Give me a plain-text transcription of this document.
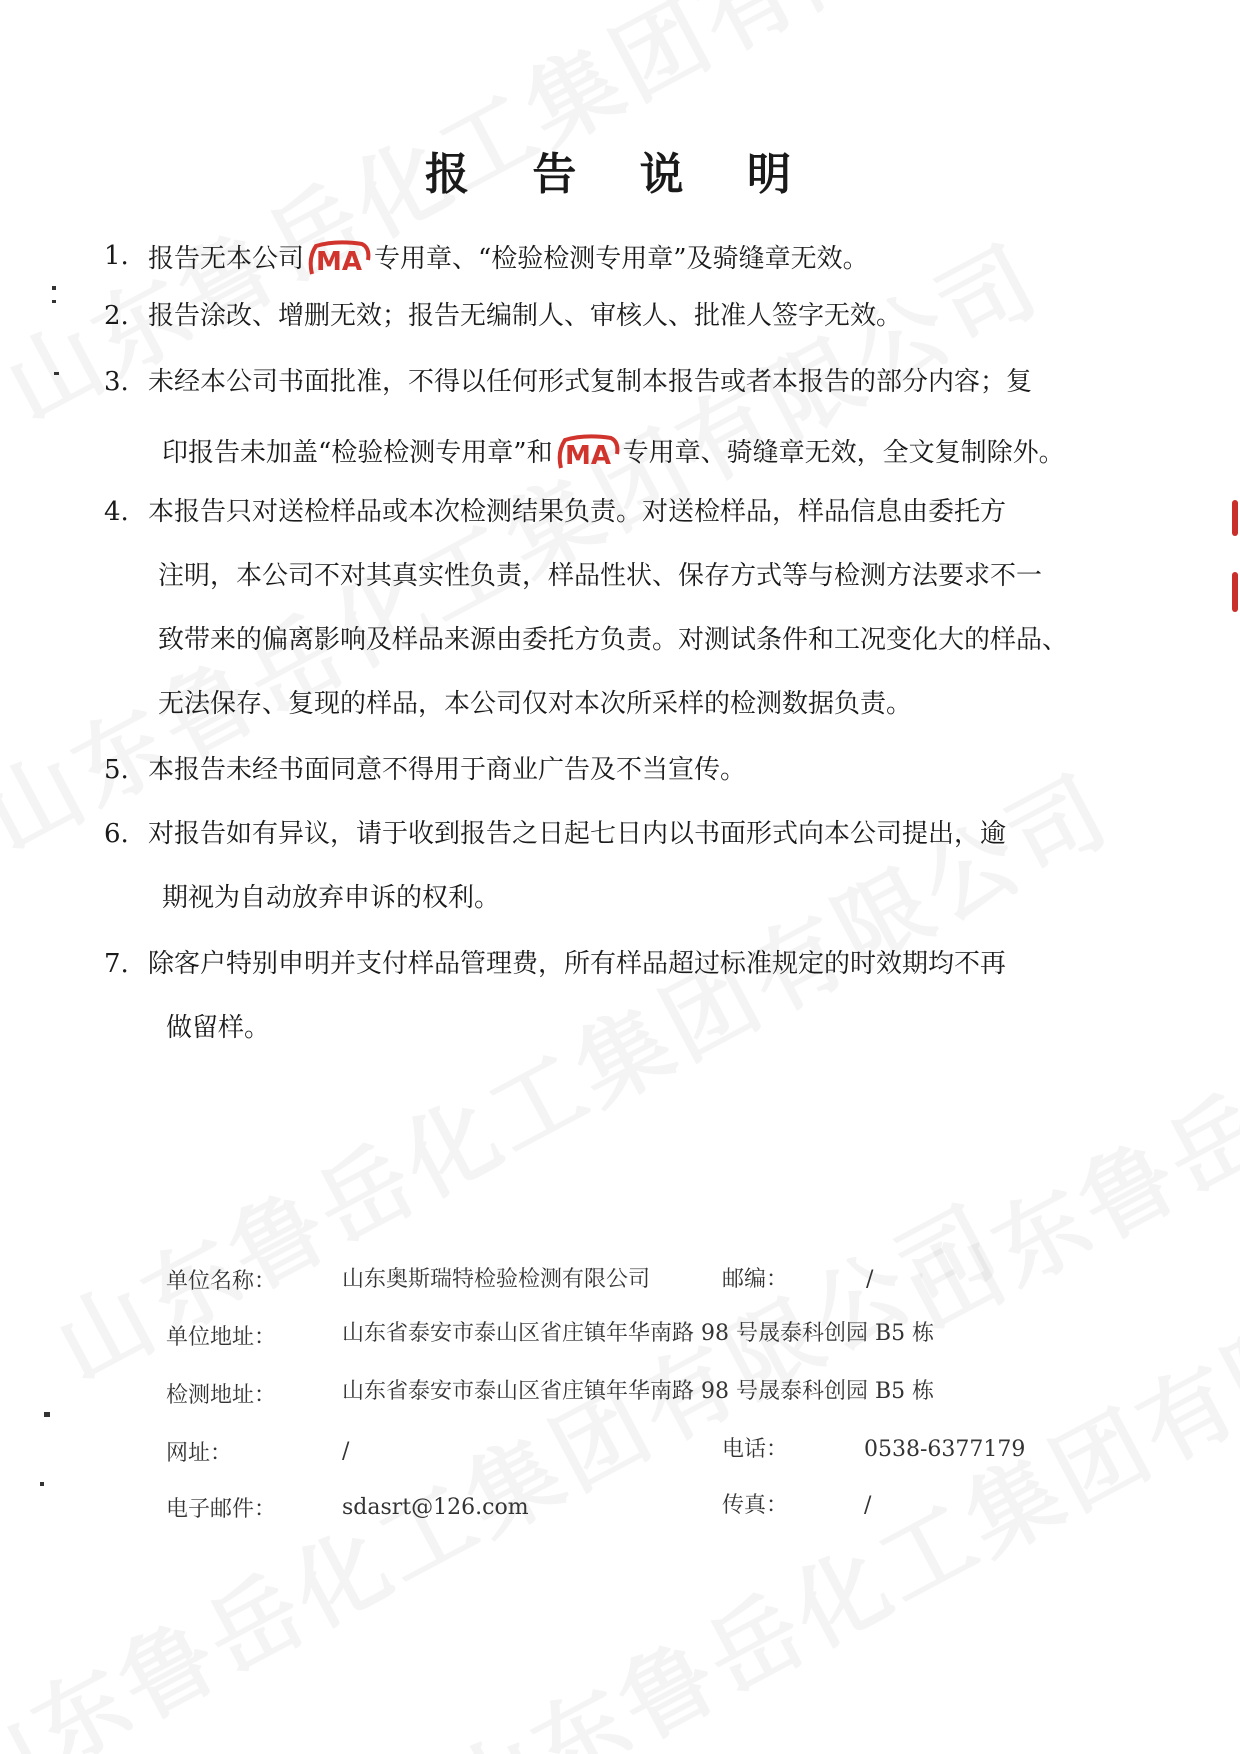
报 告 说 明
1. 报告无本公司 MA 专用章、“检验检测专用章”及骑缝章无效。
2. 报告涂改、增删无效；报告无编制人、审核人、批准人签字无效。
3. 未经本公司书面批准，不得以任何形式复制本报告或者本报告的部分内容；复
印报告未加盖“检验检测专用章”和 MA 专用章、骑缝章无效，全文复制除外。
4. 本报告只对送检样品或本次检测结果负责。对送检样品，样品信息由委托方
注明，本公司不对其真实性负责，样品性状、保存方式等与检测方法要求不一
致带来的偏离影响及样品来源由委托方负责。对测试条件和工况变化大的样品、
无法保存、复现的样品，本公司仅对本次所采样的检测数据负责。
5. 本报告未经书面同意不得用于商业广告及不当宣传。
6. 对报告如有异议，请于收到报告之日起七日内以书面形式向本公司提出，逾
期视为自动放弃申诉的权利。
7. 除客户特别申明并支付样品管理费，所有样品超过标准规定的时效期均不再
做留样。
单位名称：	山东奥斯瑞特检验检测有限公司	邮编：	/
单位地址：	山东省泰安市泰山区省庄镇年华南路 98 号晟泰科创园 B5 栋
检测地址：	山东省泰安市泰山区省庄镇年华南路 98 号晟泰科创园 B5 栋
网址：	/	电话：	0538-6377179
电子邮件：	sdasrt@126.com	传真：	/
